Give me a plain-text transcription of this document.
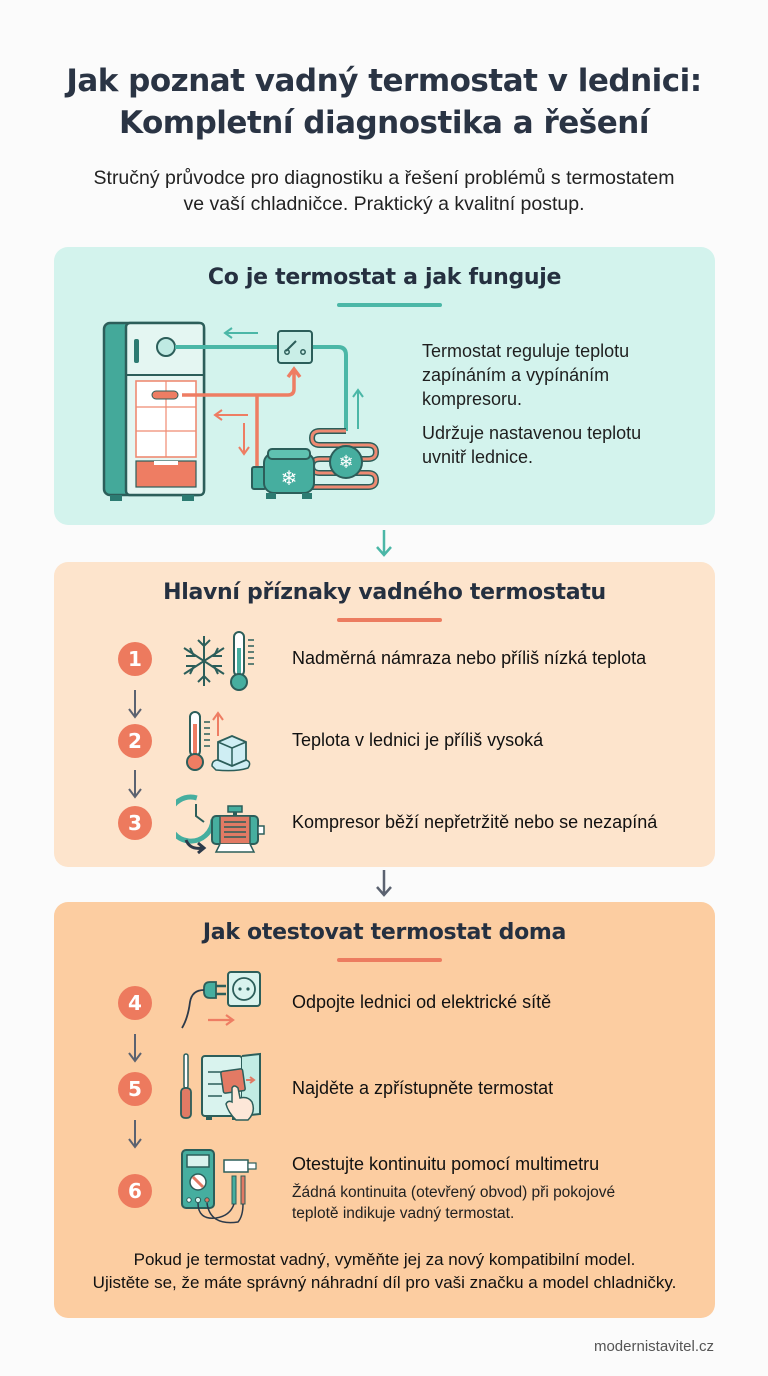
Jak poznat vadný termostat v lednici:
Kompletní diagnostika a řešení

Stručný průvodce pro diagnostiku a řešení problémů s termostatem
ve vaší chladničce. Praktický a kvalitní postup.

Co je termostat a jak funguje
❄
❄
Termostat reguluje teplotu
zapínáním a vypínáním
kompresoru.
Udržuje nastavenou teplotu
uvnitř lednice.
Hlavní příznaky vadného termostatu
1	Nadměrná námraza nebo příliš nízká teplota
2	Teplota v lednici je příliš vysoká
3	Kompresor běží nepřetržitě nebo se nezapíná
Jak otestovat termostat doma
4	Odpojte lednici od elektrické sítě
5	Najděte a zpřístupněte termostat
6
Otestujte kontinuitu pomocí multimetru
Žádná kontinuita (otevřený obvod) při pokojové
teplotě indikuje vadný termostat.

Pokud je termostat vadný, vyměňte jej za nový kompatibilní model.
Ujistěte se, že máte správný náhradní díl pro vaši značku a model chladničky.

modernistavitel.cz
